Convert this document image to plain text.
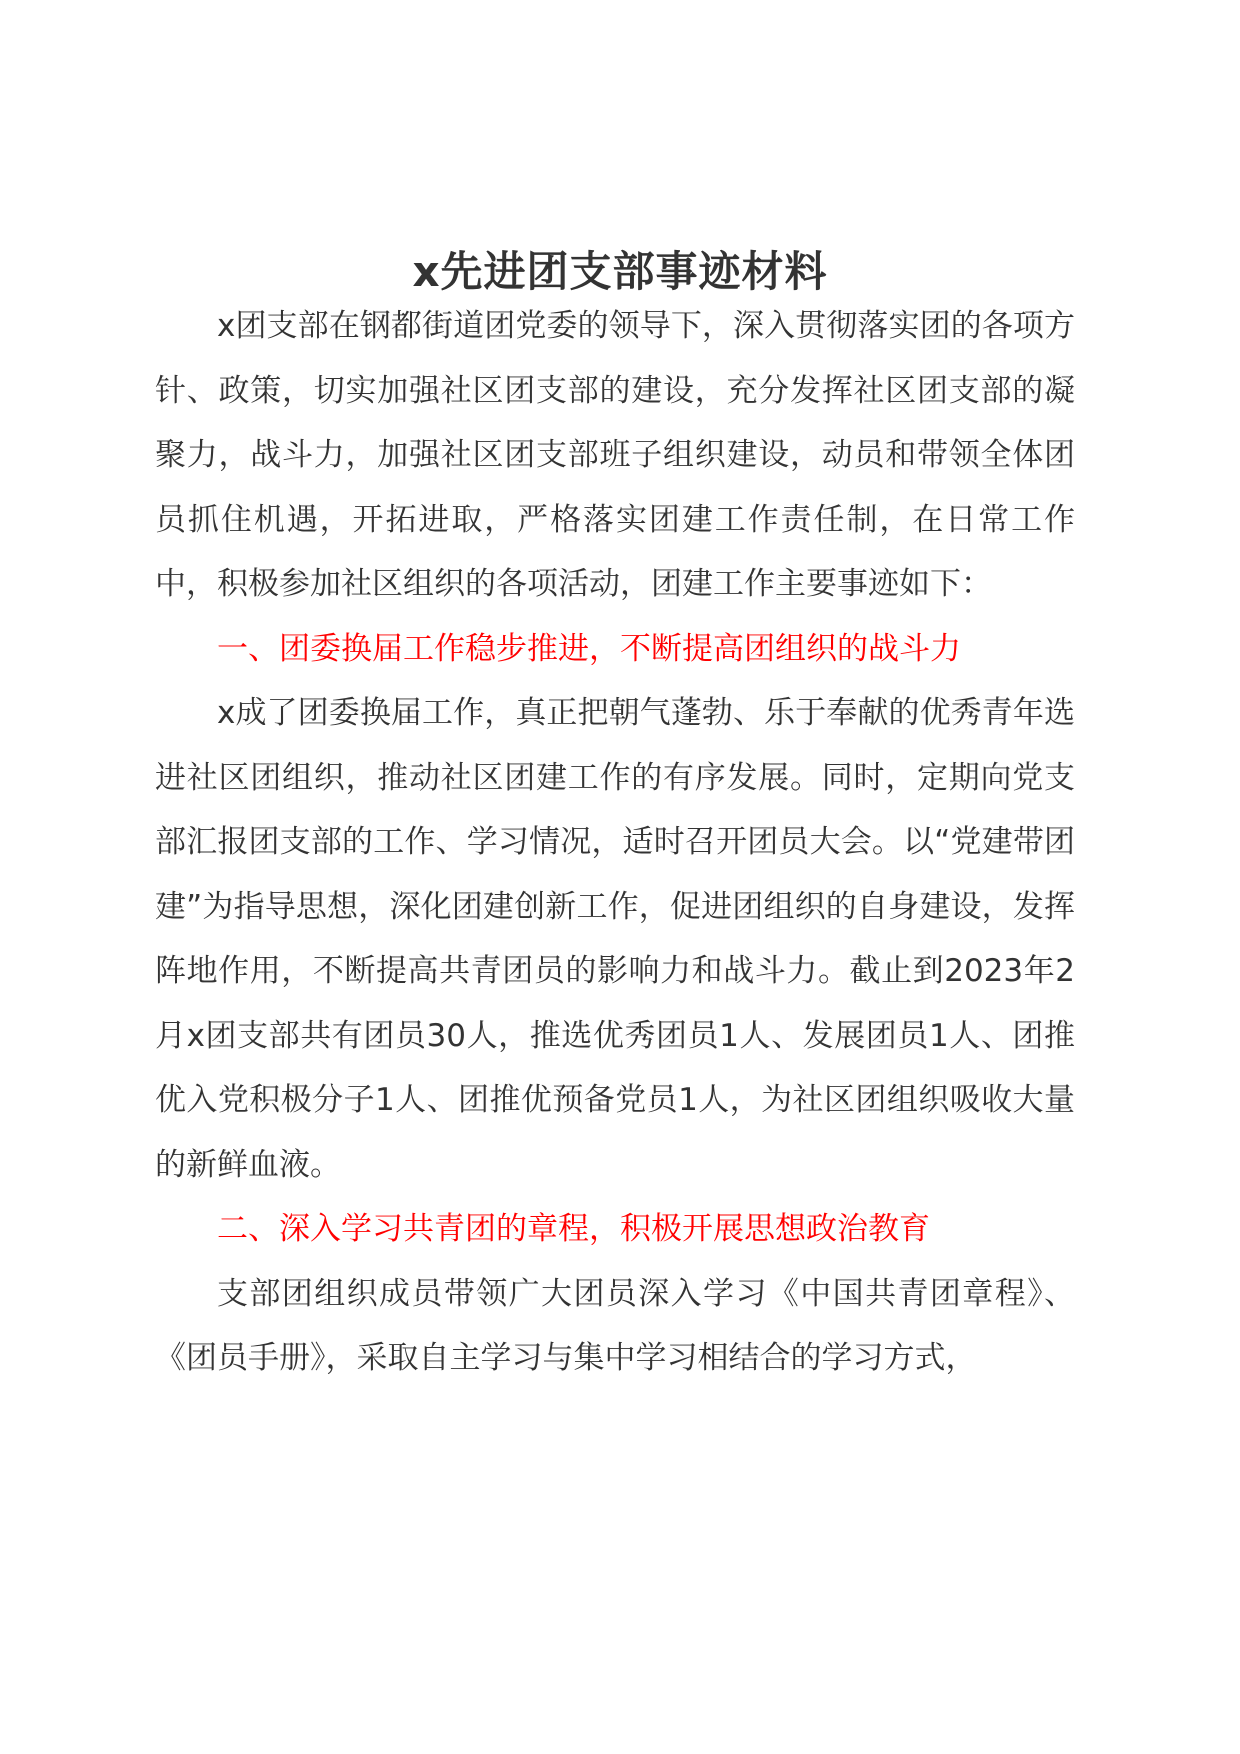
x先进团支部事迹材料

x团支部在钢都街道团党委的领导下，深入贯彻落实团的各项方针、政策，切实加强社区团支部的建设，充分发挥社区团支部的凝聚力，战斗力，加强社区团支部班子组织建设，动员和带领全体团员抓住机遇，开拓进取，严格落实团建工作责任制，在日常工作中，积极参加社区组织的各项活动，团建工作主要事迹如下：

一、团委换届工作稳步推进，不断提高团组织的战斗力

x成了团委换届工作，真正把朝气蓬勃、乐于奉献的优秀青年选进社区团组织，推动社区团建工作的有序发展。同时，定期向党支部汇报团支部的工作、学习情况，适时召开团员大会。以“党建带团建”为指导思想，深化团建创新工作，促进团组织的自身建设，发挥阵地作用，不断提高共青团员的影响力和战斗力。截止到2023年2月x团支部共有团员30人，推选优秀团员1人、发展团员1人、团推优入党积极分子1人、团推优预备党员1人，为社区团组织吸收大量的新鲜血液。

二、深入学习共青团的章程，积极开展思想政治教育

支部团组织成员带领广大团员深入学习《中国共青团章程》、《团员手册》，采取自主学习与集中学习相结合的学习方式，
